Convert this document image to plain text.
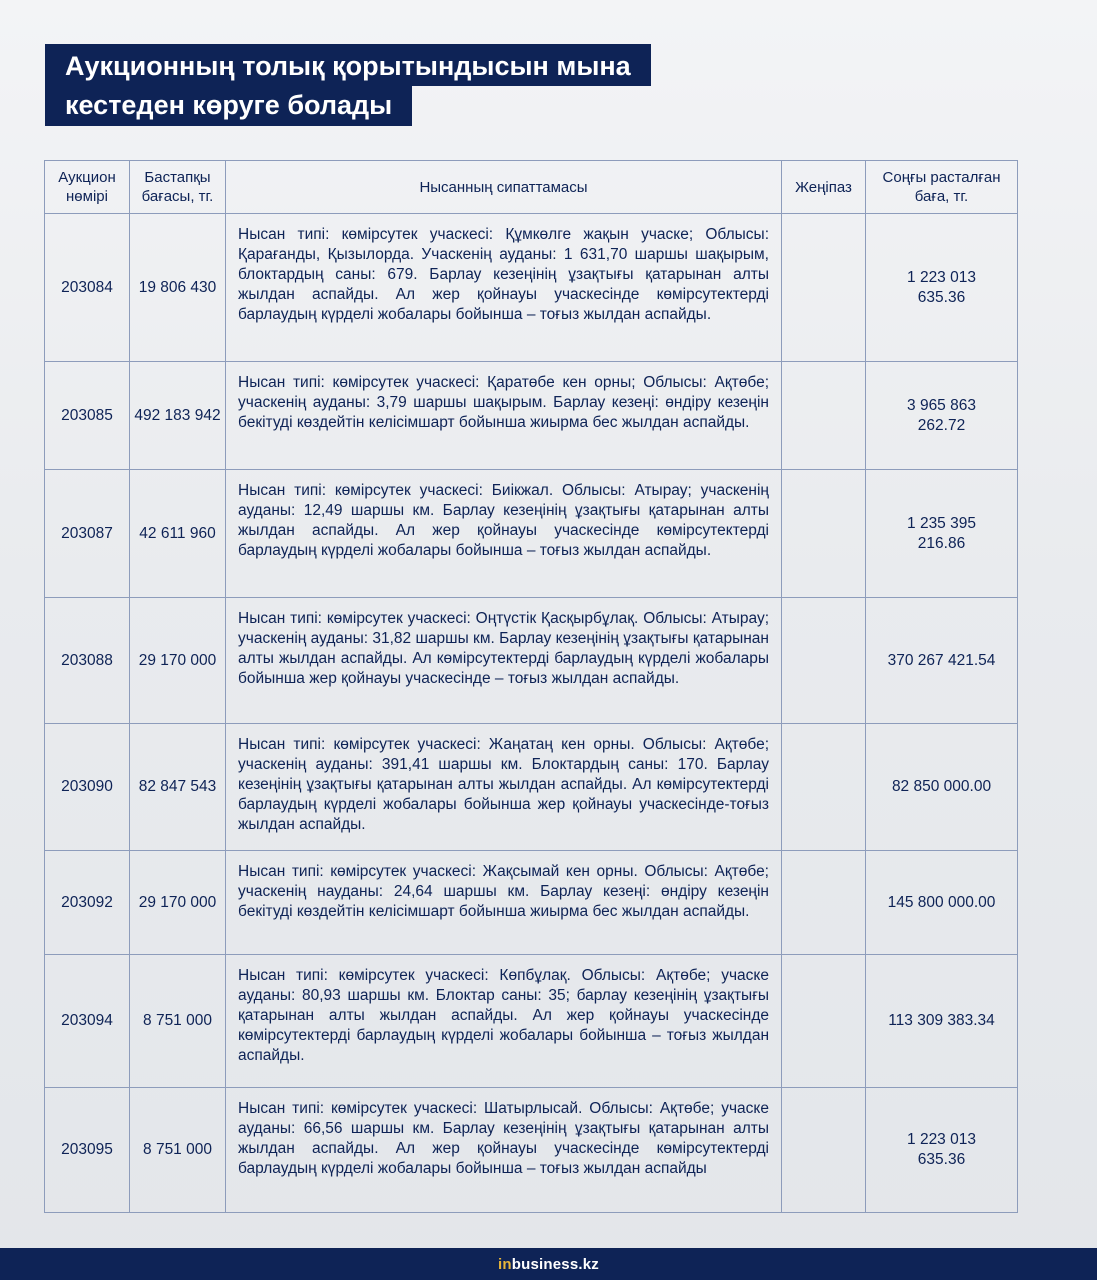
Аукционның толық қорытындысын мына
кестеден көруге болады
Аукцион нөмірі	Бастапқы бағасы, тг.	Нысанның сипаттамасы	Жеңіпаз	Соңғы расталған баға, тг.
203084	19 806 430	Нысан типі: көмірсутек учаскесі: Құмкөлге жақын учаске; Облысы: Қарағанды, Қызылорда. Учаскенің ауданы: 1 631,70 шаршы шақырым, блоктардың саны: 679. Барлау кезеңінің ұзақтығы қатарынан алты жылдан аспайды. Ал жер қойнауы учаскесінде көмірсутектерді барлаудың күрделі жобалары бойынша – тоғыз жылдан аспайды.		1 223 013 635.36
203085	492 183 942	Нысан типі: көмірсутек учаскесі: Қаратөбе кен орны; Облысы: Ақтөбе; учаскенің ауданы: 3,79 шаршы шақырым. Барлау кезеңі: өндіру кезеңін бекітуді көздейтін келісімшарт бойынша жиырма бес жылдан аспайды.		3 965 863 262.72
203087	42 611 960	Нысан типі: көмірсутек учаскесі: Биікжал. Облысы: Атырау; учаскенің ауданы: 12,49 шаршы км. Барлау кезеңінің ұзақтығы қатарынан алты жылдан аспайды. Ал жер қойнауы учаскесінде көмірсутектерді барлаудың күрделі жобалары бойынша – тоғыз жылдан аспайды.		1 235 395 216.86
203088	29 170 000	Нысан типі: көмірсутек учаскесі: Оңтүстік Қасқырбұлақ. Облысы: Атырау; учаскенің ауданы: 31,82 шаршы км. Барлау кезеңінің ұзақтығы қатарынан алты жылдан аспайды. Ал көмірсутектерді барлаудың күрделі жобалары бойынша жер қойнауы учаскесінде – тоғыз жылдан аспайды.		370 267 421.54
203090	82 847 543	Нысан типі: көмірсутек учаскесі: Жаңатаң кен орны. Облысы: Ақтөбе; учаскенің ауданы: 391,41 шаршы км. Блоктардың саны: 170. Барлау кезеңінің ұзақтығы қатарынан алты жылдан аспайды. Ал көмірсутектерді барлаудың күрделі жобалары бойынша жер қойнауы учаскесінде-тоғыз жылдан аспайды.		82 850 000.00
203092	29 170 000	Нысан типі: көмірсутек учаскесі: Жақсымай кен орны. Облысы: Ақтөбе; учаскенің науданы: 24,64 шаршы км. Барлау кезеңі: өндіру кезеңін бекітуді көздейтін келісімшарт бойынша жиырма бес жылдан аспайды.		145 800 000.00
203094	8 751 000	Нысан типі: көмірсутек учаскесі: Көпбұлақ. Облысы: Ақтөбе; учаске ауданы: 80,93 шаршы км. Блоктар саны: 35; барлау кезеңінің ұзақтығы қатарынан алты жылдан аспайды. Ал жер қойнауы учаскесінде көмірсутектерді барлаудың күрделі жобалары бойынша – тоғыз жылдан аспайды.		113 309 383.34
203095	8 751 000	Нысан типі: көмірсутек учаскесі: Шатырлысай. Облысы: Ақтөбе; учаске ауданы: 66,56 шаршы км. Барлау кезеңінің ұзақтығы қатарынан алты жылдан аспайды. Ал жер қойнауы учаскесінде көмірсутектерді барлаудың күрделі жобалары бойынша – тоғыз жылдан аспайды		1 223 013 635.36
inbusiness.kz
